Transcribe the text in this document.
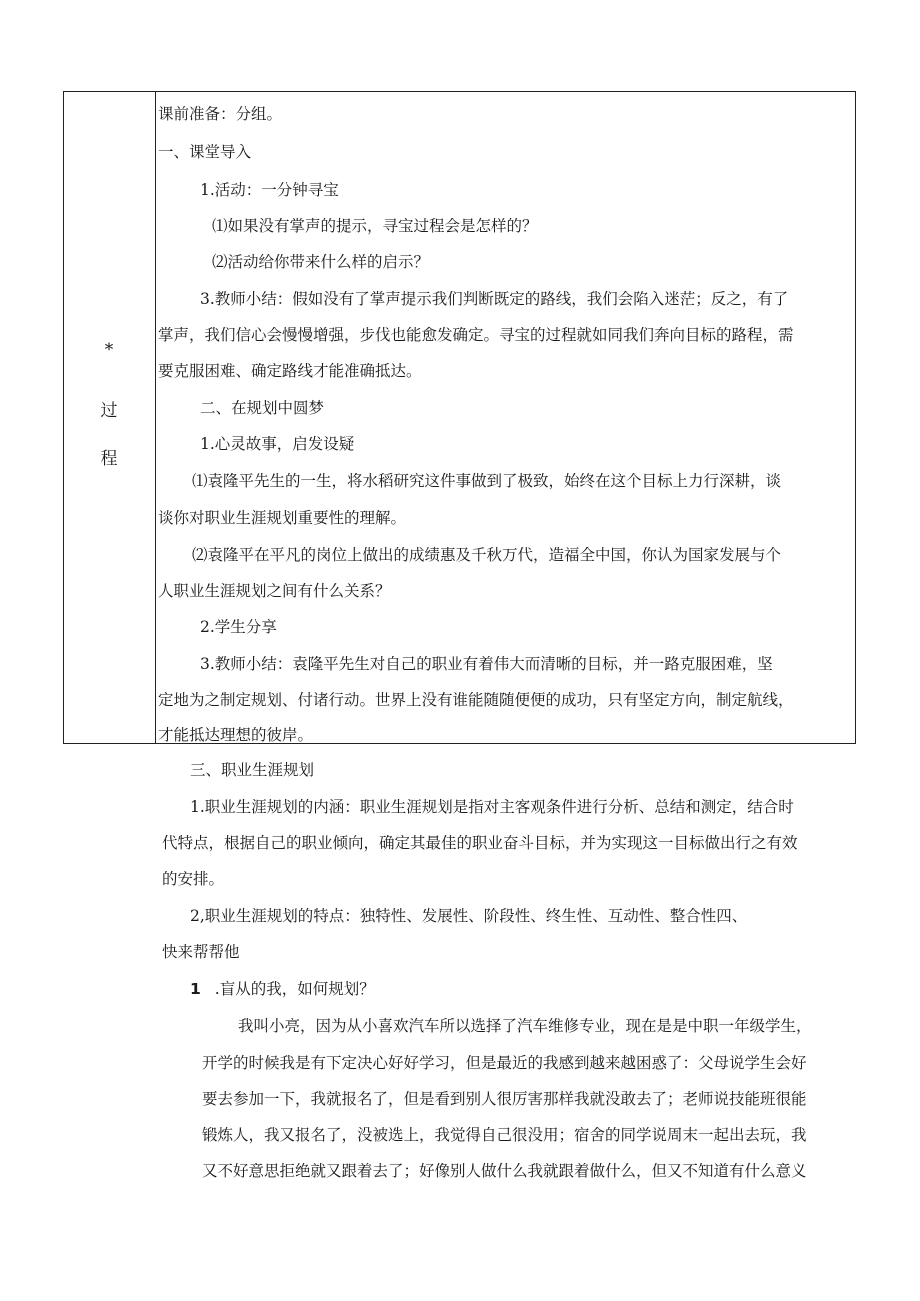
*
过
程
课前准备：分组。
一、课堂导入
1.活动：一分钟寻宝
⑴如果没有掌声的提示，寻宝过程会是怎样的？
⑵活动给你带来什么样的启示？
3.教师小结：假如没有了掌声提示我们判断既定的路线，我们会陷入迷茫；反之，有了
掌声，我们信心会慢慢增强，步伐也能愈发确定。寻宝的过程就如同我们奔向目标的路程，需
要克服困难、确定路线才能准确抵达。
二、在规划中圆梦
1.心灵故事，启发设疑
⑴袁隆平先生的一生，将水稻研究这件事做到了极致，始终在这个目标上力行深耕，谈
谈你对职业生涯规划重要性的理解。
⑵袁隆平在平凡的岗位上做出的成绩惠及千秋万代，造福全中国，你认为国家发展与个
人职业生涯规划之间有什么关系？
2.学生分享
3.教师小结：袁隆平先生对自己的职业有着伟大而清晰的目标，并一路克服困难，坚
定地为之制定规划、付诸行动。世界上没有谁能随随便便的成功，只有坚定方向，制定航线，
才能抵达理想的彼岸。
三、职业生涯规划
1.职业生涯规划的内涵：职业生涯规划是指对主客观条件进行分析、总结和测定，结合时
代特点，根据自己的职业倾向，确定其最佳的职业奋斗目标，并为实现这一目标做出行之有效
的安排。
2,职业生涯规划的特点：独特性、发展性、阶段性、终生性、互动性、整合性四、
快来帮帮他
1 .盲从的我，如何规划？
我叫小亮，因为从小喜欢汽车所以选择了汽车维修专业，现在是是中职一年级学生，
开学的时候我是有下定决心好好学习，但是最近的我感到越来越困惑了：父母说学生会好
要去参加一下，我就报名了，但是看到别人很厉害那样我就没敢去了；老师说技能班很能
锻炼人，我又报名了，没被选上，我觉得自己很没用；宿舍的同学说周末一起出去玩，我
又不好意思拒绝就又跟着去了；好像别人做什么我就跟着做什么，但又不知道有什么意义
